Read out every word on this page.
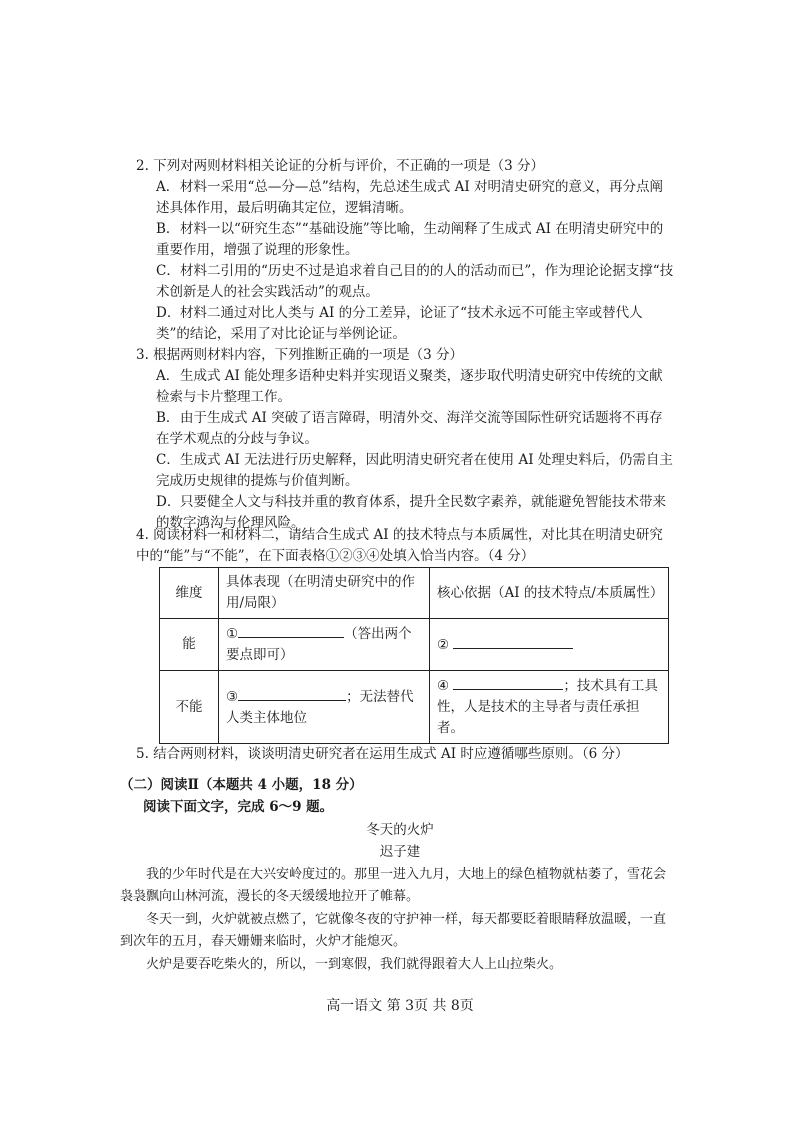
2. 下列对两则材料相关论证的分析与评价，不正确的一项是（3 分）
A．材料一采用“总—分—总”结构，先总述生成式 AI 对明清史研究的意义，再分点阐述具体作用，最后明确其定位，逻辑清晰。
B．材料一以“研究生态”“基础设施”等比喻，生动阐释了生成式 AI 在明清史研究中的重要作用，增强了说理的形象性。
C．材料二引用的“历史不过是追求着自己目的的人的活动而已”，作为理论论据支撑“技术创新是人的社会实践活动”的观点。
D．材料二通过对比人类与 AI 的分工差异，论证了“技术永远不可能主宰或替代人类”的结论，采用了对比论证与举例论证。
3. 根据两则材料内容，下列推断正确的一项是（3 分）
A．生成式 AI 能处理多语种史料并实现语义聚类，逐步取代明清史研究中传统的文献检索与卡片整理工作。
B．由于生成式 AI 突破了语言障碍，明清外交、海洋交流等国际性研究话题将不再存在学术观点的分歧与争议。
C．生成式 AI 无法进行历史解释，因此明清史研究者在使用 AI 处理史料后，仍需自主完成历史规律的提炼与价值判断。
D．只要健全人文与科技并重的教育体系，提升全民数字素养，就能避免智能技术带来的数字鸿沟与伦理风险。
4. 阅读材料一和材料二，请结合生成式 AI 的技术特点与本质属性，对比其在明清史研究中的“能”与“不能”，在下面表格①②③④处填入恰当内容。（4 分）
维度	具体表现（在明清史研究中的作用/局限）	核心依据（AI 的技术特点/本质属性）
能	① （答出两个要点即可）	②
不能	③ ；无法替代人类主体地位	④ ；技术具有工具性，人是技术的主导者与责任承担者。
5. 结合两则材料，谈谈明清史研究者在运用生成式 AI 时应遵循哪些原则。（6 分）
（二）阅读Ⅱ（本题共 4 小题，18 分）
阅读下面文字，完成 6～9 题。
冬天的火炉
迟子建
我的少年时代是在大兴安岭度过的。那里一进入九月，大地上的绿色植物就枯萎了，雪花会袅袅飘向山林河流，漫长的冬天缓缓地拉开了帷幕。
冬天一到，火炉就被点燃了，它就像冬夜的守护神一样，每天都要眨着眼睛释放温暖，一直到次年的五月，春天姗姗来临时，火炉才能熄灭。
火炉是要吞吃柴火的，所以，一到寒假，我们就得跟着大人上山拉柴火。
高一语文 第 3页 共 8页
